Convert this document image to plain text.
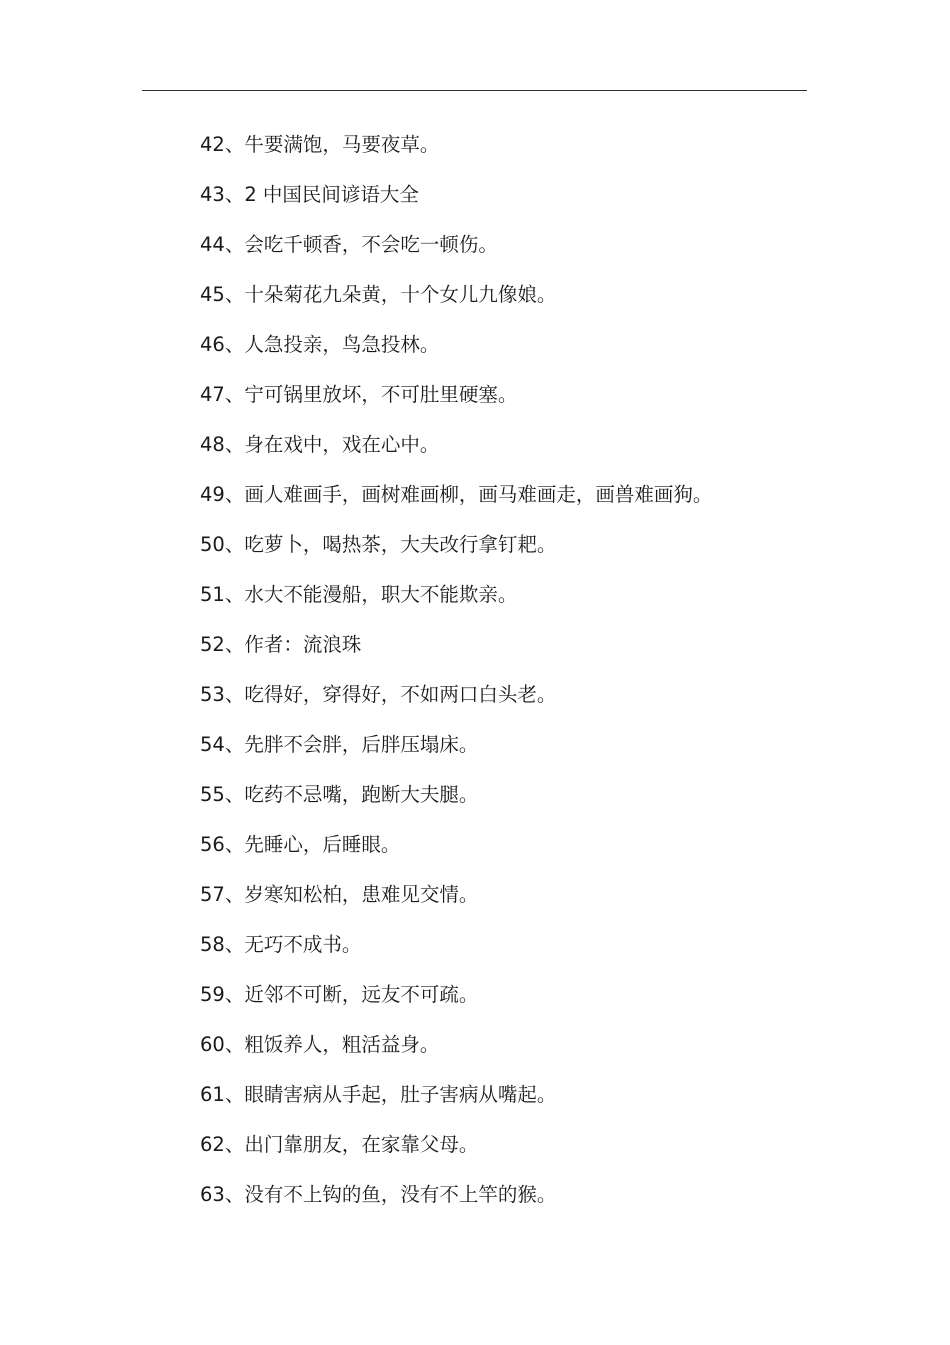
42、牛要满饱，马要夜草。
43、2 中国民间谚语大全
44、会吃千顿香，不会吃一顿伤。
45、十朵菊花九朵黄，十个女儿九像娘。
46、人急投亲，鸟急投林。
47、宁可锅里放坏，不可肚里硬塞。
48、身在戏中，戏在心中。
49、画人难画手，画树难画柳，画马难画走，画兽难画狗。
50、吃萝卜，喝热茶，大夫改行拿钉耙。
51、水大不能漫船，职大不能欺亲。
52、作者：流浪珠
53、吃得好，穿得好，不如两口白头老。
54、先胖不会胖，后胖压塌床。
55、吃药不忌嘴，跑断大夫腿。
56、先睡心，后睡眼。
57、岁寒知松柏，患难见交情。
58、无巧不成书。
59、近邻不可断，远友不可疏。
60、粗饭养人，粗活益身。
61、眼睛害病从手起，肚子害病从嘴起。
62、出门靠朋友，在家靠父母。
63、没有不上钩的鱼，没有不上竿的猴。
